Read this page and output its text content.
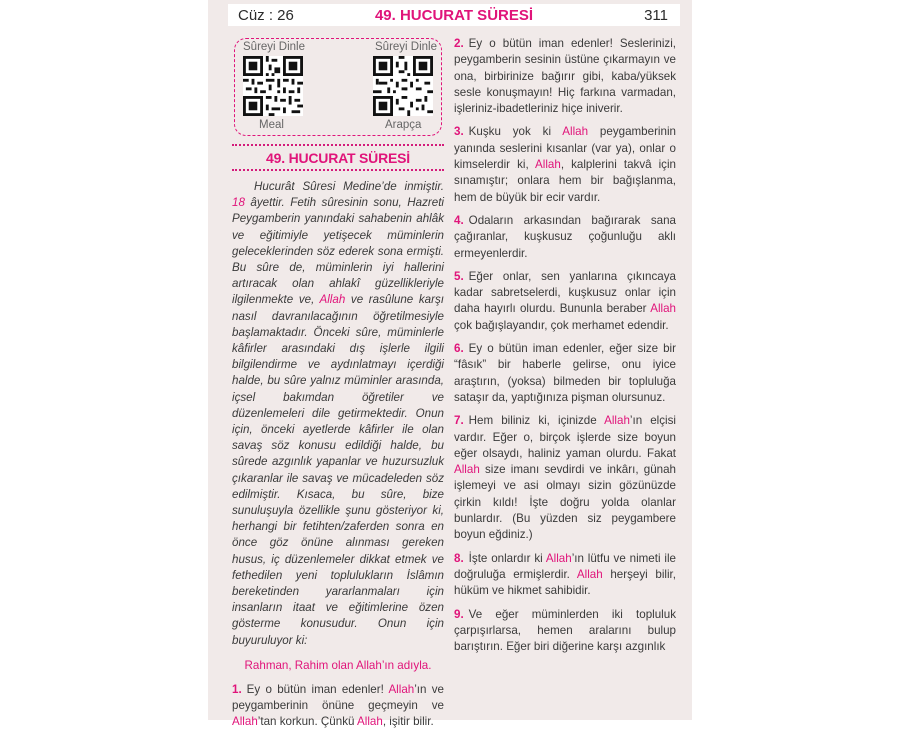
Cüz : 26	49. HUCURAT SÜRESİ	311
Sûreyi Dinle	Sûreyi Dinle
Meal	Arapça
49. HUCURAT SÜRESİ

Hucurât Sûresi Medine’de inmiştir. 18 âyettir. Fetih sûresinin sonu, Hazreti Peygamberin yanındaki sahabenin ahlâk ve eğitimiyle yetişecek müminlerin geleceklerinden söz ederek sona ermişti. Bu sûre de, müminlerin iyi hallerini artıracak olan ahlakî güzellikleriyle ilgilenmekte ve, Allah ve rasûlune karşı nasıl davranılacağının öğretilmesiyle başlamaktadır. Önceki sûre, müminlerle kâfirler arasındaki dış işlerle ilgili bilgilendirme ve aydınlatmayı içerdiği halde, bu sûre yalnız müminler arasında, içsel bakımdan öğretiler ve düzenlemeleri dile getirmektedir. Onun için, önceki ayetlerde kâfirler ile olan savaş söz konusu edildiği halde, bu sûrede azgınlık yapanlar ve huzursuzluk çıkaranlar ile savaş ve mücadeleden söz edilmiştir. Kısaca, bu sûre, bize sunuluşuyla özellikle şunu gösteriyor ki, herhangi bir fetihten/zaferden sonra en önce göz önüne alınması gereken husus, iç düzenlemeler dikkat etmek ve fethedilen yeni toplulukların İslâmın bereketinden yararlanmaları için insanların itaat ve eğitimlerine özen gösterme konusudur. Onun için buyuruluyor ki:

Rahman, Rahim olan Allah’ın adıyla.

1. Ey o bütün iman edenler! Allah’ın ve peygamberinin önüne geçmeyin ve Allah’tan korkun. Çünkü Allah, işitir bilir.

2. Ey o bütün iman edenler! Seslerinizi, peygamberin sesinin üstüne çıkarmayın ve ona, birbirinize bağırır gibi, kaba/yüksek sesle konuşmayın! Hiç farkına varmadan, işleriniz-ibadetleriniz hiçe iniverir.

3. Kuşku yok ki Allah peygamberinin yanında seslerini kısanlar (var ya), onlar o kimselerdir ki, Allah, kalplerini takvâ için sınamıştır; onlara hem bir bağışlanma, hem de büyük bir ecir vardır.

4. Odaların arkasından bağırarak sana çağıranlar, kuşkusuz çoğunluğu aklı ermeyenlerdir.

5. Eğer onlar, sen yanlarına çıkıncaya kadar sabretselerdi, kuşkusuz onlar için daha hayırlı olurdu. Bununla beraber Allah çok bağışlayandır, çok merhamet edendir.

6. Ey o bütün iman edenler, eğer size bir “fâsık” bir haberle gelirse, onu iyice araştırın, (yoksa) bilmeden bir topluluğa sataşır da, yaptığınıza pişman olursunuz.

7. Hem biliniz ki, içinizde Allah’ın elçisi vardır. Eğer o, birçok işlerde size boyun eğer olsaydı, haliniz yaman olurdu. Fakat Allah size imanı sevdirdi ve inkârı, günah işlemeyi ve asi olmayı sizin gözünüzde çirkin kıldı! İşte doğru yolda olanlar bunlardır. (Bu yüzden siz peygambere boyun eğdiniz.)

8. İşte onlardır ki Allah’ın lütfu ve nimeti ile doğruluğa ermişlerdir. Allah herşeyi bilir, hüküm ve hikmet sahibidir.

9. Ve eğer müminlerden iki topluluk çarpışırlarsa, hemen aralarını bulup barıştırın. Eğer biri diğerine karşı azgınlık
